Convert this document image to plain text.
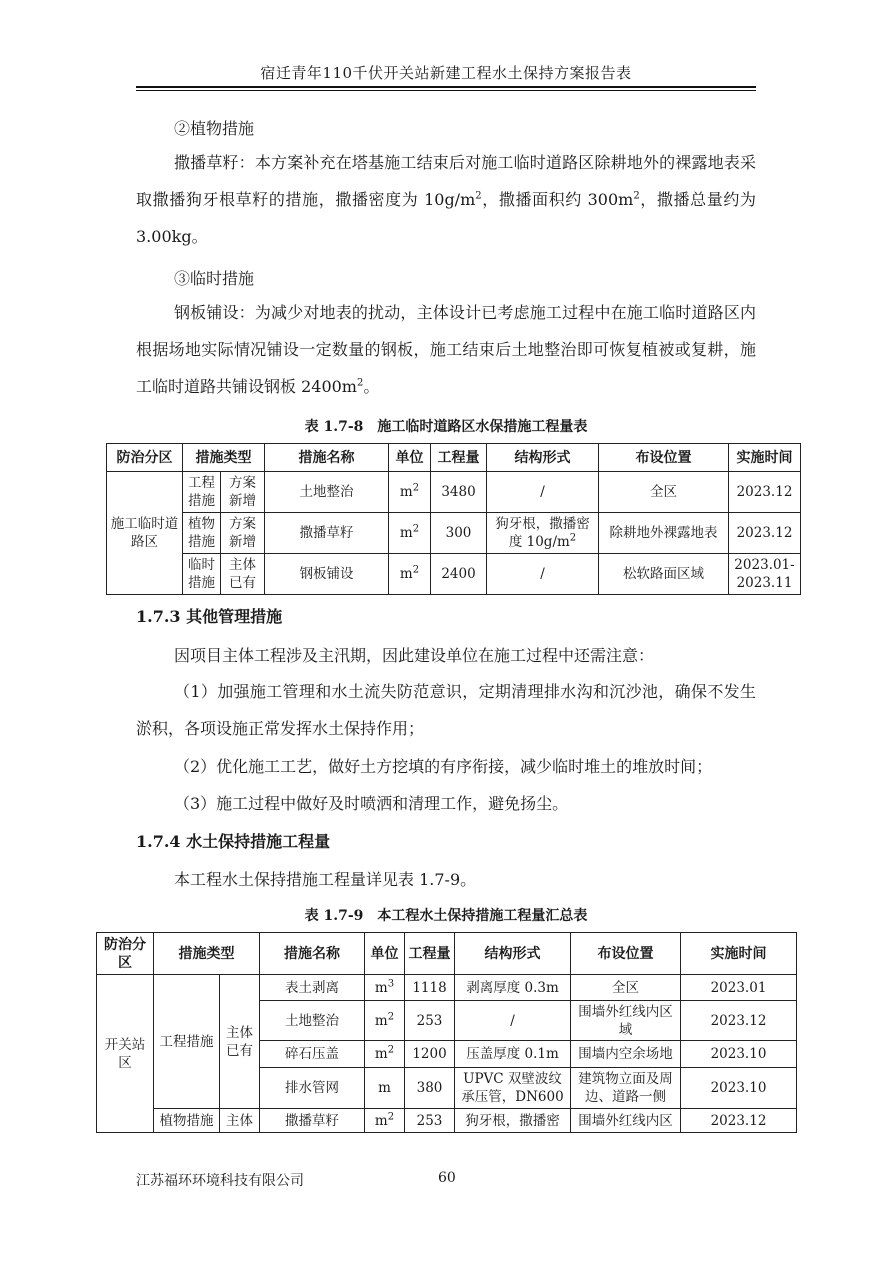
宿迁青年110千伏开关站新建工程水土保持方案报告表
②植物措施

撒播草籽：本方案补充在塔基施工结束后对施工临时道路区除耕地外的裸露地表采取撒播狗牙根草籽的措施，撒播密度为 $10g/m^2$，撒播面积约 $300m^2$，撒播总量约为 3.00kg。

③临时措施

钢板铺设：为减少对地表的扰动，主体设计已考虑施工过程中在施工临时道路区内根据场地实际情况铺设一定数量的钢板，施工结束后土地整治即可恢复植被或复耕，施工临时道路共铺设钢板 $2400m^2$。

表 1.7-8　施工临时道路区水保措施工程量表
防治分区	措施类型		措施名称	单位	工程量	结构形式	布设位置	实施时间
施工临时道路区	工程措施	方案新增	土地整治	$m^2$	3480	/	全区	2023.12
	植物措施	方案新增	撒播草籽	$m^2$	300	狗牙根，撒播密度 $10g/m^2$	除耕地外裸露地表	2023.12
	临时措施	主体已有	钢板铺设	$m^2$	2400	/	松软路面区域	2023.01-2023.11
1.7.3 其他管理措施
因项目主体工程涉及主汛期，因此建设单位在施工过程中还需注意：

（1）加强施工管理和水土流失防范意识，定期清理排水沟和沉沙池，确保不发生淤积，各项设施正常发挥水土保持作用；

（2）优化施工工艺，做好土方挖填的有序衔接，减少临时堆土的堆放时间；
（3）施工过程中做好及时喷洒和清理工作，避免扬尘。
1.7.4 水土保持措施工程量
本工程水土保持措施工程量详见表 1.7-9。
表 1.7-9　本工程水土保持措施工程量汇总表
防治分区	措施类型		措施名称	单位	工程量	结构形式	布设位置	实施时间
开关站区	工程措施	主体已有	表土剥离	$m^3$	1118	剥离厚度 0.3m	全区	2023.01
			土地整治	$m^2$	253	/	围墙外红线内区域	2023.12
			碎石压盖	$m^2$	1200	压盖厚度 0.1m	围墙内空余场地	2023.10
			排水管网	m	380	UPVC 双壁波纹承压管，DN600	建筑物立面及周边、道路一侧	2023.10
	植物措施	主体	撒播草籽	$m^2$	253	狗牙根，撒播密	围墙外红线内区	2023.12
江苏福环环境科技有限公司	60
